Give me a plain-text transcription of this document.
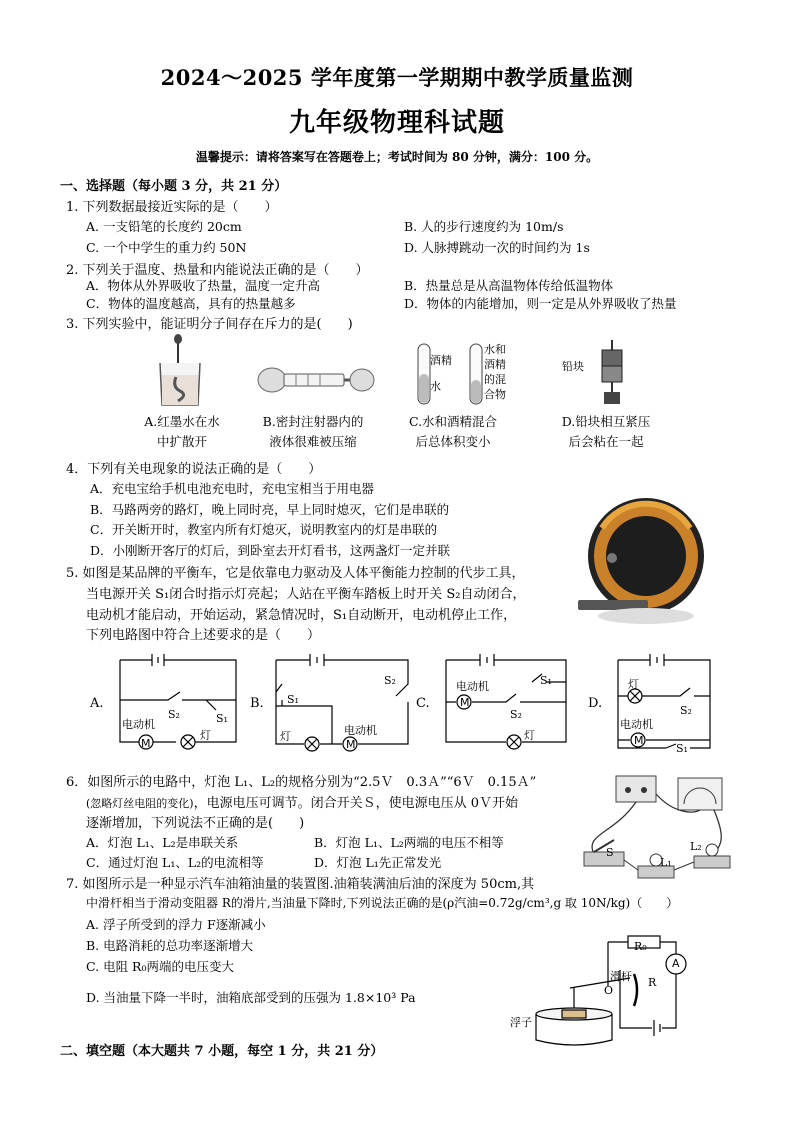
2024～2025 学年度第一学期期中教学质量监测
九年级物理科试题
温馨提示：请将答案写在答题卷上；考试时间为 80 分钟，满分：100 分。
一、选择题（每小题 3 分，共 21 分）
1. 下列数据最接近实际的是（　　）
A. 一支铅笔的长度约 20cm	B. 人的步行速度约为 10m/s
C. 一个中学生的重力约 50N	D. 人脉搏跳动一次的时间约为 1s
2. 下列关于温度、热量和内能说法正确的是（　　）
A．物体从外界吸收了热量，温度一定升高	B．热量总是从高温物体传给低温物体
C．物体的温度越高，具有的热量越多	D．物体的内能增加，则一定是从外界吸收了热量
3. 下列实验中，能证明分子间存在斥力的是(　　)
A.红墨水在水
中扩散开
B.密封注射器内的
液体很难被压缩
酒精
水
水和
酒精
的混
合物
C.水和酒精混合
后总体积变小
铅块
D.铅块相互紧压
后会粘在一起
4．下列有关电现象的说法正确的是（　　）
A．充电宝给手机电池充电时，充电宝相当于用电器
B．马路两旁的路灯，晚上同时亮，早上同时熄灭，它们是串联的
C．开关断开时，教室内所有灯熄灭，说明教室内的灯是串联的
D．小刚断开客厅的灯后，到卧室去开灯看书，这两盏灯一定并联
5. 如图是某品牌的平衡车，它是依靠电力驱动及人体平衡能力控制的代步工具，
当电源开关 S₁闭合时指示灯亮起；人站在平衡车踏板上时开关 S₂自动闭合，
电动机才能启动，开始运动，紧急情况时，S₁自动断开，电动机停止工作，
下列电路图中符合上述要求的是（　　）
A.
M
电动机
S₂	S₁
灯
B.
M
S₁
S₂
灯	电动机
C.	M
电动机	S₁
S₂
灯
D.
灯
S₂
电动机
M
S₁
6．如图所示的电路中，灯泡 L₁、L₂的规格分别为“2.5Ｖ　0.3Ａ”“6Ｖ　0.15Ａ”
(忽略灯丝电阻的变化)，电源电压可调节。闭合开关Ｓ，使电源电压从 0Ｖ开始
逐渐增加，下列说法不正确的是(　　)
A．灯泡 L₁、L₂是串联关系	B．灯泡 L₁、L₂两端的电压不相等
C．通过灯泡 L₁、L₂的电流相等	D．灯泡 L₁先正常发光
S
L₁
L₂
7. 如图所示是一种显示汽车油箱油量的装置图.油箱装满油后油的深度为 50cm,其
中滑杆相当于滑动变阻器 R的滑片,当油量下降时,下列说法正确的是(ρ汽油=0.72g/cm³,g 取 10N/kg)（　　）
A. 浮子所受到的浮力 F逐渐减小
B. 电路消耗的总功率逐渐增大
C. 电阻 R₀两端的电压变大
D. 当油量下降一半时，油箱底部受到的压强为 1.8×10³ Pa
A
R₀
滑杆
O
R
浮子
二、填空题（本大题共 7 小题，每空 1 分，共 21 分）
